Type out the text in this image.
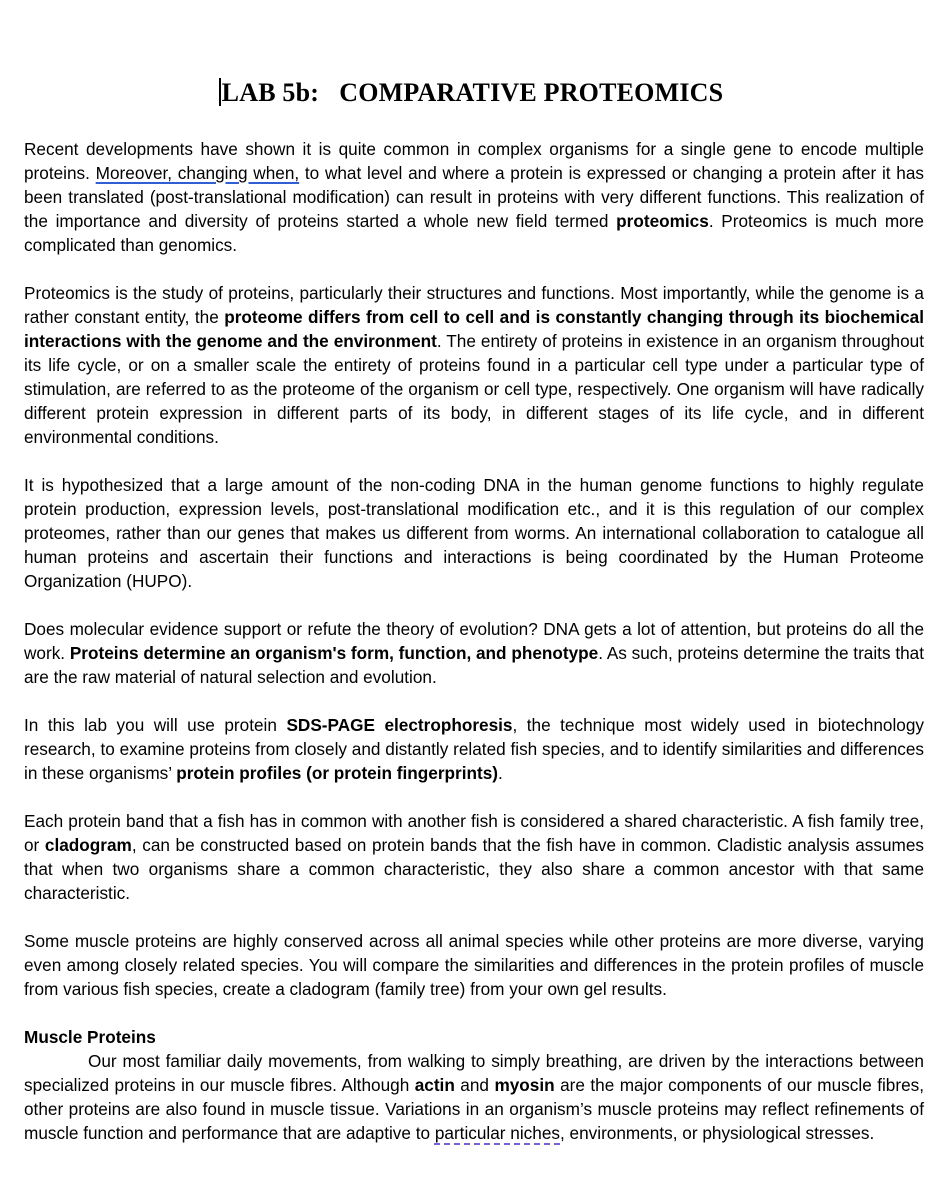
LAB 5b:   COMPARATIVE PROTEOMICS

Recent developments have shown it is quite common in complex organisms for a single gene to encode multiple proteins. Moreover, changing when, to what level and where a protein is expressed or changing a protein after it has been translated (post-translational modification) can result in proteins with very different functions. This realization of the importance and diversity of proteins started a whole new field termed proteomics. Proteomics is much more complicated than genomics.

Proteomics is the study of proteins, particularly their structures and functions. Most importantly, while the genome is a rather constant entity, the proteome differs from cell to cell and is constantly changing through its biochemical interactions with the genome and the environment. The entirety of proteins in existence in an organism throughout its life cycle, or on a smaller scale the entirety of proteins found in a particular cell type under a particular type of stimulation, are referred to as the proteome of the organism or cell type, respectively. One organism will have radically different protein expression in different parts of its body, in different stages of its life cycle, and in different environmental conditions.

It is hypothesized that a large amount of the non-coding DNA in the human genome functions to highly regulate protein production, expression levels, post-translational modification etc., and it is this regulation of our complex proteomes, rather than our genes that makes us different from worms. An international collaboration to catalogue all human proteins and ascertain their functions and interactions is being coordinated by the Human Proteome Organization (HUPO).

Does molecular evidence support or refute the theory of evolution? DNA gets a lot of attention, but proteins do all the work. Proteins determine an organism's form, function, and phenotype. As such, proteins determine the traits that are the raw material of natural selection and evolution.

In this lab you will use protein SDS-PAGE electrophoresis, the technique most widely used in biotechnology research, to examine proteins from closely and distantly related fish species, and to identify similarities and differences in these organisms’ protein profiles (or protein fingerprints).

Each protein band that a fish has in common with another fish is considered a shared characteristic. A fish family tree, or cladogram, can be constructed based on protein bands that the fish have in common. Cladistic analysis assumes that when two organisms share a common characteristic, they also share a common ancestor with that same characteristic.

Some muscle proteins are highly conserved across all animal species while other proteins are more diverse, varying even among closely related species. You will compare the similarities and differences in the protein profiles of muscle from various fish species, create a cladogram (family tree) from your own gel results.

Muscle Proteins

Our most familiar daily movements, from walking to simply breathing, are driven by the interactions between specialized proteins in our muscle fibres. Although actin and myosin are the major components of our muscle fibres, other proteins are also found in muscle tissue. Variations in an organism’s muscle proteins may reflect refinements of muscle function and performance that are adaptive to particular niches, environments, or physiological stresses.
